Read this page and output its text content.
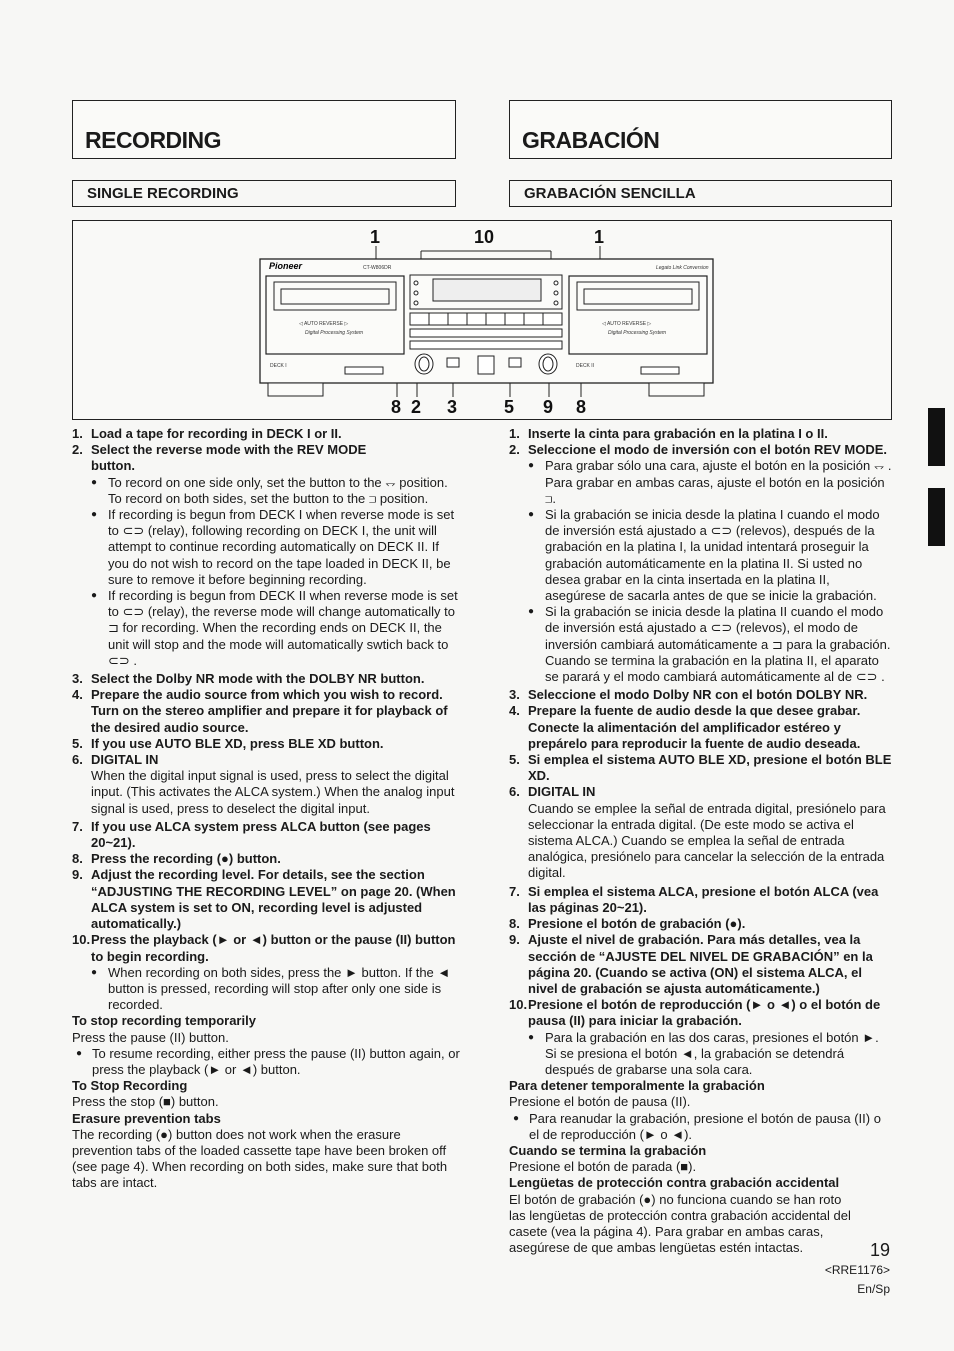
RECORDING	GRABACIÓN
SINGLE RECORDING	GRABACIÓN SENCILLA
1	10	1
8 2 3	5 9 8
Pioneer	CT-W806DR	Legato Link Conversion
◁ AUTO REVERSE ▷
Digital Processing System
◁ AUTO REVERSE ▷
Digital Processing System
DECK I	DECK II

1. Load a tape for recording in DECK I or II.

2. Select the reverse mode with the REV MODE

button.

● To record on one side only, set the button to the ⥐ position. To record on both sides, set the button to the ⊐ position.

● If recording is begun from DECK I when reverse mode is set to ⊂⊃ (relay), following recording on DECK I, the unit will attempt to continue recording automatically on DECK II. If you do not wish to record on the tape loaded in DECK II, be sure to remove it before beginning recording.

● If recording is begun from DECK II when reverse mode is set to ⊂⊃ (relay), the reverse mode will change automatically to ⊐ for recording. When the recording ends on DECK II, the unit will stop and the mode will automatically swtich back to ⊂⊃ .

3. Select the Dolby NR mode with the DOLBY NR button.

4. Prepare the audio source from which you wish to record. Turn on the stereo amplifier and prepare it for playback of the desired audio source.

5. If you use AUTO BLE XD, press BLE XD button.

6. DIGITAL IN

When the digital input signal is used, press to select the digital input. (This activates the ALCA system.) When the analog input signal is used, press to deselect the digital input.

7. If you use ALCA system press ALCA button (see pages 20~21).

8. Press the recording (●) button.

9. Adjust the recording level. For details, see the section “ADJUSTING THE RECORDING LEVEL” on page 20. (When ALCA system is set to ON, recording level is adjusted automatically.)

10. Press the playback (► or ◄) button or the pause (II) button to begin recording.

● When recording on both sides, press the ► button. If the ◄ button is pressed, recording will stop after only one side is recorded.

To stop recording temporarily

Press the pause (II) button.

● To resume recording, either press the pause (II) button again, or press the playback (► or ◄) button.

To Stop Recording

Press the stop (■) button.

Erasure prevention tabs

The recording (●) button does not work when the erasure prevention tabs of the loaded cassette tape have been broken off (see page 4). When recording on both sides, make sure that both tabs are intact.

1. Inserte la cinta para grabación en la platina I o II.

2. Seleccione el modo de inversión con el botón REV MODE.

● Para grabar sólo una cara, ajuste el botón en la posición ⥐ . Para grabar en ambas caras, ajuste el botón en la posición ⊐.

● Si la grabación se inicia desde la platina I cuando el modo de inversión está ajustado a ⊂⊃ (relevos), después de la grabación en la platina I, la unidad intentará proseguir la grabación automáticamente en la platina II. Si usted no desea grabar en la cinta insertada en la platina II, asegúrese de sacarla antes de que se inicie la grabación.

● Si la grabación se inicia desde la platina II cuando el modo de inversión está ajustado a ⊂⊃ (relevos), el modo de inversión cambiará automáticamente a ⊐ para la grabación. Cuando se termina la grabación en la platina II, el aparato se parará y el modo cambiará automáticamente al de ⊂⊃ .

3. Seleccione el modo Dolby NR con el botón DOLBY NR.

4. Prepare la fuente de audio desde la que desee grabar. Conecte la alimentación del amplificador estéreo y prepárelo para reproducir la fuente de audio deseada.

5. Si emplea el sistema AUTO BLE XD, presione el botón BLE XD.

6. DIGITAL IN

Cuando se emplee la señal de entrada digital, presiónelo para seleccionar la entrada digital. (De este modo se activa el sistema ALCA.) Cuando se emplea la señal de entrada analógica, presiónelo para cancelar la selección de la entrada digital.

7. Si emplea el sistema ALCA, presione el botón ALCA (vea las páginas 20~21).

8. Presione el botón de grabación (●).

9. Ajuste el nivel de grabación. Para más detalles, vea la sección de “AJUSTE DEL NIVEL DE GRABACIÓN” en la página 20. (Cuando se activa (ON) el sistema ALCA, el nivel de grabación se ajusta automáticamente.)

10. Presione el botón de reproducción (► o ◄) o el botón de pausa (II) para iniciar la grabación.

● Para la grabación en las dos caras, presiones el botón ►. Si se presiona el botón ◄, la grabación se detendrá después de grabarse una sola cara.

Para detener temporalmente la grabación

Presione el botón de pausa (II).

● Para reanudar la grabación, presione el botón de pausa (II) o el de reproducción (► o ◄).

Cuando se termina la grabación

Presione el botón de parada (■).

Lengüetas de protección contra grabación accidental

El botón de grabación (●) no funciona cuando se han roto las lengüetas de protección contra grabación accidental del casete (vea la página 4). Para grabar en ambas caras, asegúrese de que ambas lengüetas estén intactas.	19
<RRE1176>
En/Sp
